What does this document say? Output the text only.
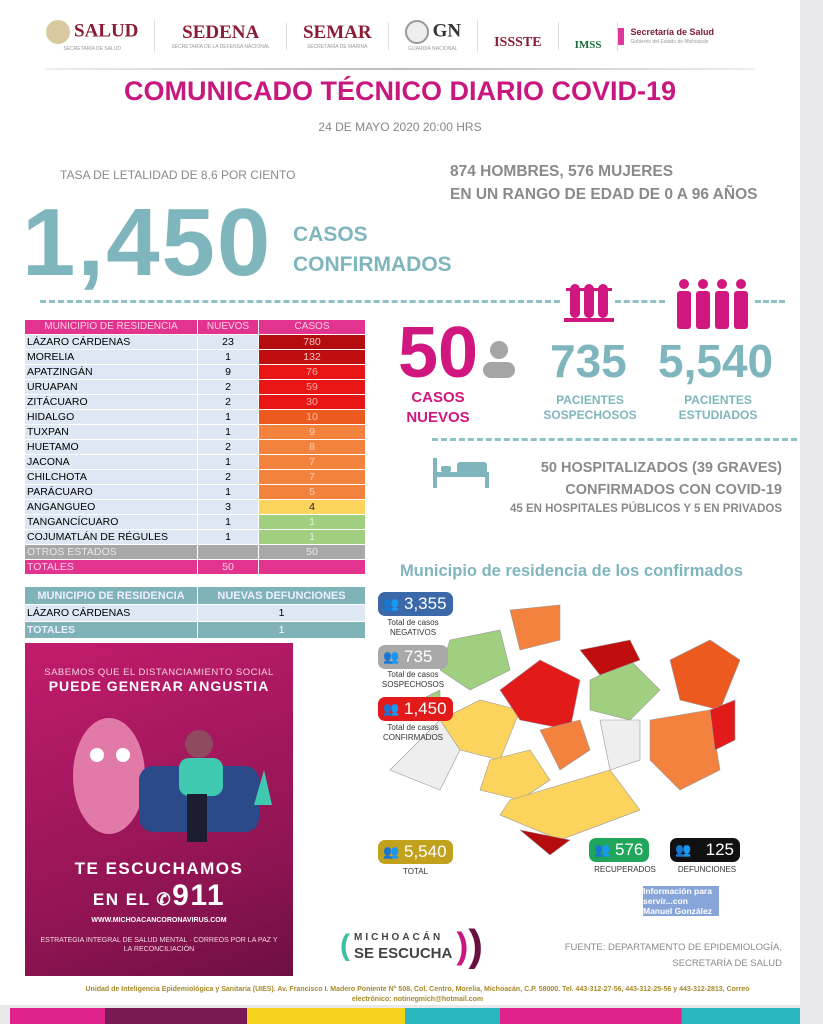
SALUD
SECRETARÍA DE SALUD
SEDENA
SECRETARÍA DE LA DEFENSA NACIONAL
SEMAR
SECRETARÍA DE MARINA
GN
GUARDIA NACIONAL	ISSSTE	IMSS
Secretaría de Salud
Gobierno del Estado de Michoacán
COMUNICADO TÉCNICO DIARIO COVID-19
24 DE MAYO 2020 20:00 HRS
TASA DE LETALIDAD DE 8.6 POR CIENTO	874 HOMBRES, 576 MUJERES
EN UN RANGO DE EDAD DE 0 A 96 AÑOS
1,450 CASOS
CONFIRMADOS
MUNICIPIO DE RESIDENCIA	NUEVOS	CASOS
LÁZARO CÁRDENAS	23	780
MORELIA	1	132
APATZINGÁN	9	76
URUAPAN	2	59
ZITÁCUARO	2	30
HIDALGO	1	10
TUXPAN	1	9
HUETAMO	2	8
JACONA	1	7
CHILCHOTA	2	7
PARÁCUARO	1	5
ANGANGUEO	3	4
TANGANCÍCUARO	1	1
COJUMATLÁN DE RÉGULES	1	1
OTROS ESTADOS		50
TOTALES	50	
MUNICIPIO DE RESIDENCIA	NUEVAS DEFUNCIONES
LÁZARO CÁRDENAS	1
TOTALES	1
50
CASOS
NUEVOS
735
PACIENTES
SOSPECHOSOS
5,540
PACIENTES
ESTUDIADOS
50 HOSPITALIZADOS (39 GRAVES)
CONFIRMADOS CON COVID-19
45 EN HOSPITALES PÚBLICOS Y 5 EN PRIVADOS
SABEMOS QUE EL DISTANCIAMIENTO SOCIAL
PUEDE GENERAR ANGUSTIA
TE ESCUCHAMOS
EN EL ✆911
WWW.MICHOACANCORONAVIRUS.COM
ESTRATEGIA INTEGRAL DE SALUD MENTAL · CORREOS POR LA PAZ Y LA RECONCILIACIÓN
Municipio de residencia de los confirmados
👥 3,355
Total de casos
NEGATIVOS
👥 735
Total de casos
SOSPECHOSOS
👥 1,450
Total de casos
CONFIRMADOS
👥 5,540
TOTAL
👥 576
RECUPERADOS
👥 125
DEFUNCIONES
Información para servir...con Manuel González
( MICHOACÁN
SE ESCUCHA ) )	FUENTE: DEPARTAMENTO DE EPIDEMIOLOGÍA,
SECRETARÍA DE SALUD
Unidad de Inteligencia Epidemiológica y Sanitaria (UIES). Av. Francisco I. Madero Poniente N° 508, Col. Centro, Morelia, Michoacán, C.P. 58000. Tel. 443-312-27-56, 443-312-25-56 y 443-312-2813, Correo
electrónico: notinegmich@hotmail.com
